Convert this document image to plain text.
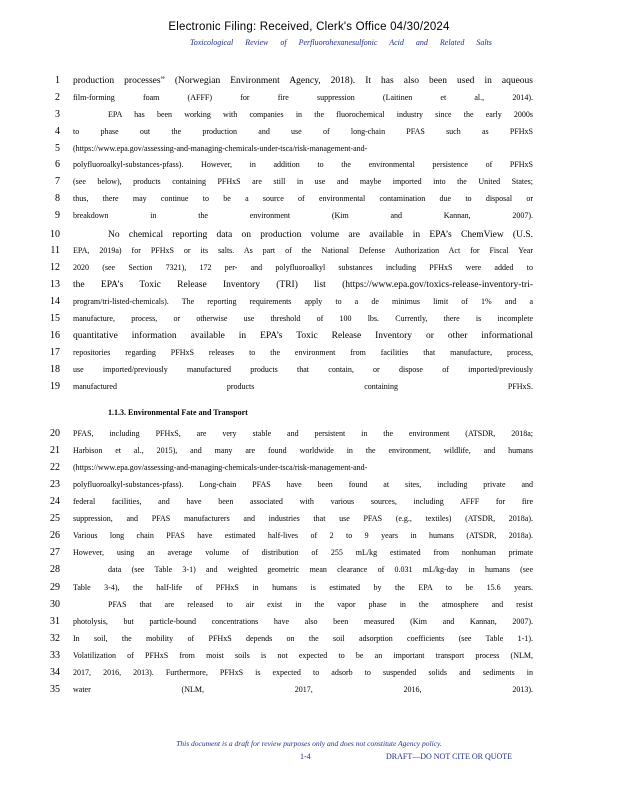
Electronic Filing: Received, Clerk's Office 04/30/2024
Toxicological Review of Perfluorohexanesulfonic Acid and Related Salts
1 production processes” (Norwegian Environment Agency, 2018). It has also been used in aqueous
2 film-forming foam (AFFF) for fire suppression (Laitinen et al., 2014).
3	EPA has been working with companies in the fluorochemical industry since the early 2000s
4 to phase out the production and use of long-chain PFAS such as PFHxS
5 (https://www.epa.gov/assessing-and-managing-chemicals-under-tsca/risk-management-and-
6 polyfluoroalkyl-substances-pfass). However, in addition to the environmental persistence of PFHxS
7 (see below), products containing PFHxS are still in use and maybe imported into the United States;
8 thus, there may continue to be a source of environmental contamination due to disposal or
9 breakdown in the environment (Kim and Kannan, 2007).
10	No chemical reporting data on production volume are available in EPA’s ChemView (U.S.
11 EPA, 2019a) for PFHxS or its salts. As part of the National Defense Authorization Act for Fiscal Year
12 2020 (see Section 7321), 172 per- and polyfluoroalkyl substances including PFHxS were added to
13 the EPA’s Toxic Release Inventory (TRI) list (https://www.epa.gov/toxics-release-inventory-tri-
14 program/tri-listed-chemicals). The reporting requirements apply to a de minimus limit of 1% and a
15 manufacture, process, or otherwise use threshold of 100 lbs. Currently, there is incomplete
16 quantitative information available in EPA’s Toxic Release Inventory or other informational
17 repositories regarding PFHxS releases to the environment from facilities that manufacture, process,
18 use imported/previously manufactured products that contain, or dispose of imported/previously
19 manufactured products containing PFHxS.
1.1.3. Environmental Fate and Transport
20 PFAS, including PFHxS, are very stable and persistent in the environment (ATSDR, 2018a;
21 Harbison et al., 2015), and many are found worldwide in the environment, wildlife, and humans
22 (https://www.epa.gov/assessing-and-managing-chemicals-under-tsca/risk-management-and-
23 polyfluoroalkyl-substances-pfass). Long-chain PFAS have been found at sites, including private and
24 federal facilities, and have been associated with various sources, including AFFF for fire
25 suppression, and PFAS manufacturers and industries that use PFAS (e.g., textiles) (ATSDR, 2018a).
26 Various long chain PFAS have estimated half-lives of 2 to 9 years in humans (ATSDR, 2018a).
27 However, using an average volume of distribution of 255 mL/kg estimated from nonhuman primate
28	data (see Table 3-1) and weighted geometric mean clearance of 0.031 mL/kg-day in humans (see
29 Table 3-4), the half-life of PFHxS in humans is estimated by the EPA to be 15.6 years.
30	PFAS that are released to air exist in the vapor phase in the atmosphere and resist
31 photolysis, but particle-bound concentrations have also been measured (Kim and Kannan, 2007).
32 In soil, the mobility of PFHxS depends on the soil adsorption coefficients (see Table 1-1).
33 Volatilization of PFHxS from moist soils is not expected to be an important transport process (NLM,
34 2017, 2016, 2013). Furthermore, PFHxS is expected to adsorb to suspended solids and sediments in
35 water (NLM, 2017, 2016, 2013).
This document is a draft for review purposes only and does not constitute Agency policy.
1-4	DRAFT—DO NOT CITE OR QUOTE
